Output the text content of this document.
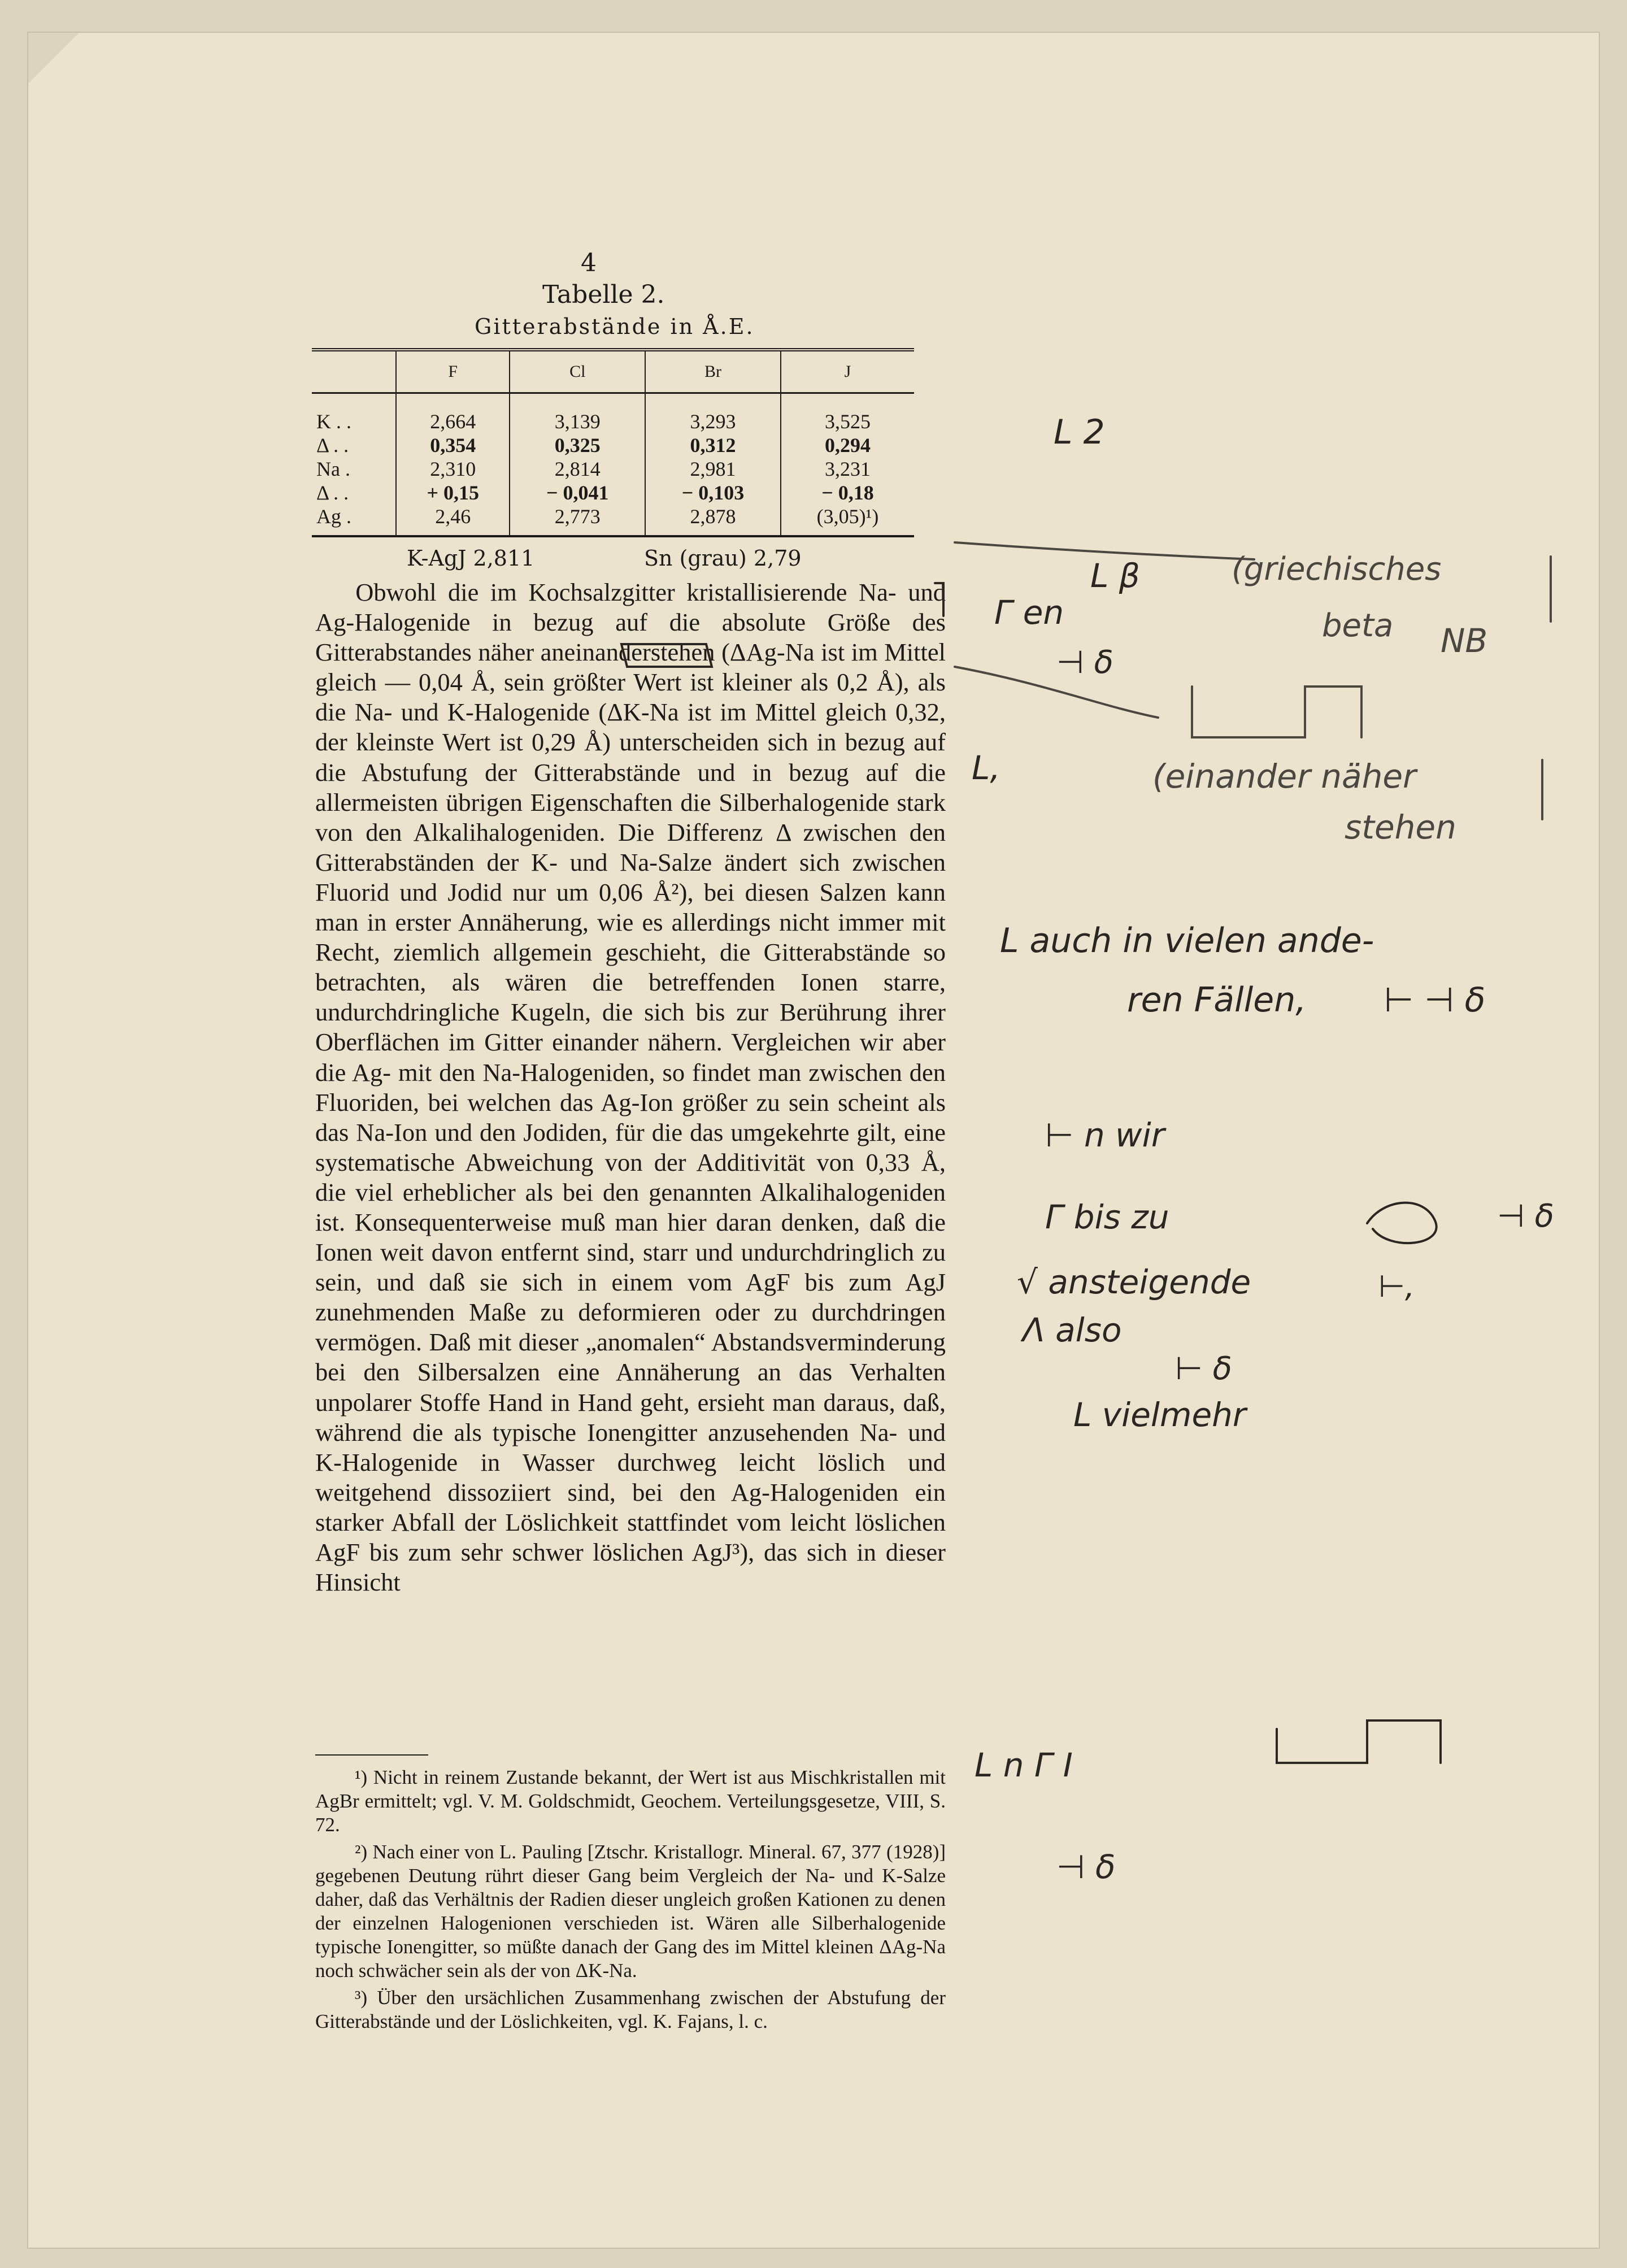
4
Tabelle 2.
Gitterabstände in Å.E.
	F	Cl	Br	J
K . .	2,664	3,139	3,293	3,525
Δ . .	0,354	0,325	0,312	0,294
Na .	2,310	2,814	2,981	3,231
Δ . .	+ 0,15	− 0,041	− 0,103	− 0,18
Ag .	2,46	2,773	2,878	(3,05)¹)
K-AgJ 2,811	Sn (grau) 2,79

Obwohl die im Kochsalzgitter kristallisierende Na- und Ag-Halogenide in bezug auf die absolute Größe des Gitterabstandes näher aneinanderstehen (ΔAg-Na ist im Mittel gleich — 0,04 Å, sein größter Wert ist kleiner als 0,2 Å), als die Na- und K-Halogenide (ΔK-Na ist im Mittel gleich 0,32, der kleinste Wert ist 0,29 Å) unterscheiden sich in bezug auf die Abstufung der Gitterabstände und in bezug auf die allermeisten übrigen Eigenschaften die Silberhalogenide stark von den Alkalihalogeniden. Die Differenz Δ zwischen den Gitterabständen der K- und Na-Salze ändert sich zwischen Fluorid und Jodid nur um 0,06 Å²), bei diesen Salzen kann man in erster Annäherung, wie es allerdings nicht immer mit Recht, ziemlich allgemein geschieht, die Gitterabstände so betrachten, als wären die betreffenden Ionen starre, undurchdringliche Kugeln, die sich bis zur Berührung ihrer Oberflächen im Gitter einander nähern. Vergleichen wir aber die Ag- mit den Na-Halogeniden, so findet man zwischen den Fluoriden, bei welchen das Ag-Ion größer zu sein scheint als das Na-Ion und den Jodiden, für die das umgekehrte gilt, eine systematische Abweichung von der Additivität von 0,33 Å, die viel erheblicher als bei den genannten Alkalihalogeniden ist. Konsequenterweise muß man hier daran denken, daß die Ionen weit davon entfernt sind, starr und undurchdringlich zu sein, und daß sie sich in einem vom AgF bis zum AgJ zunehmenden Maße zu deformieren oder zu durchdringen vermögen. Daß mit dieser „anomalen“ Abstandsverminderung bei den Silbersalzen eine Annäherung an das Verhalten unpolarer Stoffe Hand in Hand geht, ersieht man daraus, daß, während die als typische Ionengitter anzusehenden Na- und K-Halogenide in Wasser durchweg leicht löslich und weitgehend dissoziiert sind, bei den Ag-Halogeniden ein starker Abfall der Löslichkeit stattfindet vom leicht löslichen AgF bis zum sehr schwer löslichen AgJ³), das sich in dieser Hinsicht

¹) Nicht in reinem Zustande bekannt, der Wert ist aus Mischkristallen mit AgBr ermittelt; vgl. V. M. Goldschmidt, Geochem. Verteilungsgesetze, VIII, S. 72.

²) Nach einer von L. Pauling [Ztschr. Kristallogr. Mineral. 67, 377 (1928)] gegebenen Deutung rührt dieser Gang beim Vergleich der Na- und K-Salze daher, daß das Verhältnis der Radien dieser ungleich großen Kationen zu denen der einzelnen Halogenionen verschieden ist. Wären alle Silberhalogenide typische Ionengitter, so müßte danach der Gang des im Mittel kleinen ΔAg-Na noch schwächer sein als der von ΔK-Na.

³) Über den ursächlichen Zusammenhang zwischen der Abstufung der Gitterabstände und der Löslichkeiten, vgl. K. Fajans, l. c.

L 2
L β	(griechisches
beta NB
Γ en
⊣ δ
L,	(einander näher
stehen
L auch in vielen ande-
ren Fällen, ⊢ ⊣ δ
⊢ n wir
Γ bis zu	⊣ δ
√ ansteigende	⊢,
Λ also
⊢ δ
L vielmehr
L n Γ I
⊣ δ
